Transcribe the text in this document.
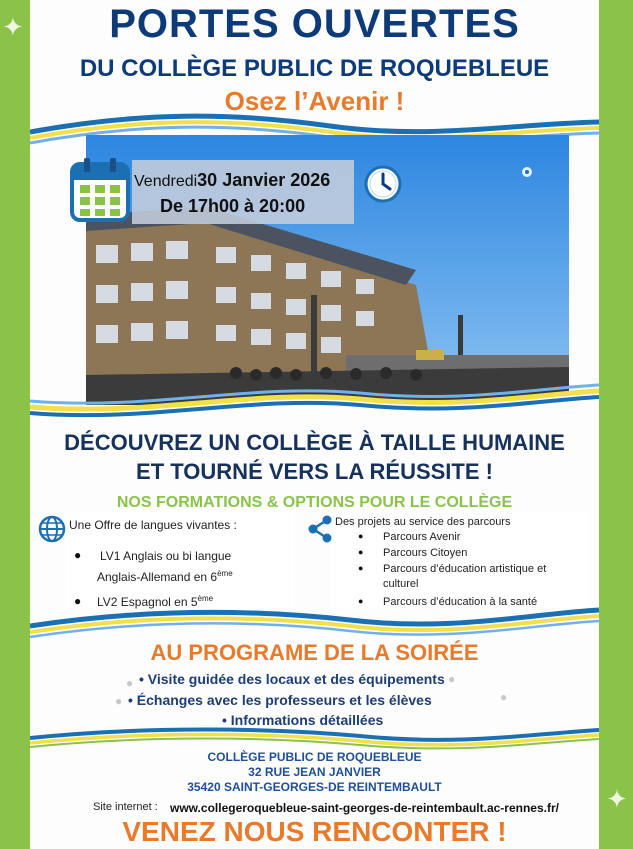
✦
✦
PORTES OUVERTES
DU COLLÈGE PUBLIC DE ROQUEBLEUE
Osez l’Avenir !
Vendredi30 Janvier 2026
De 17h00 à 20:00
DÉCOUVREZ UN COLLÈGE À TAILLE HUMAINE
ET TOURNÉ VERS LA RÉUSSITE !
NOS FORMATIONS & OPTIONS POUR LE COLLÈGE
Une Offre de langues vivantes :
● LV1 Anglais ou bi langue
Anglais-Allemand en 6ème
● LV2 Espagnol en 5ème
Des projets au service des parcours
● Parcours Avenir
● Parcours Citoyen
● Parcours d’éducation artistique et
culturel
● Parcours d’éducation à la santé
AU PROGRAME DE LA SOIRÉE
●	●
●	●
• Visite guidée des locaux et des équipements
• Échanges avec les professeurs et les élèves
• Informations détaillées
COLLÈGE PUBLIC DE ROQUEBLEUE
32 RUE JEAN JANVIER
35420 SAINT-GEORGES-DE REINTEMBAULT
Site internet : www.collegeroquebleue-saint-georges-de-reintembault.ac-rennes.fr/
VENEZ NOUS RENCONTER !
